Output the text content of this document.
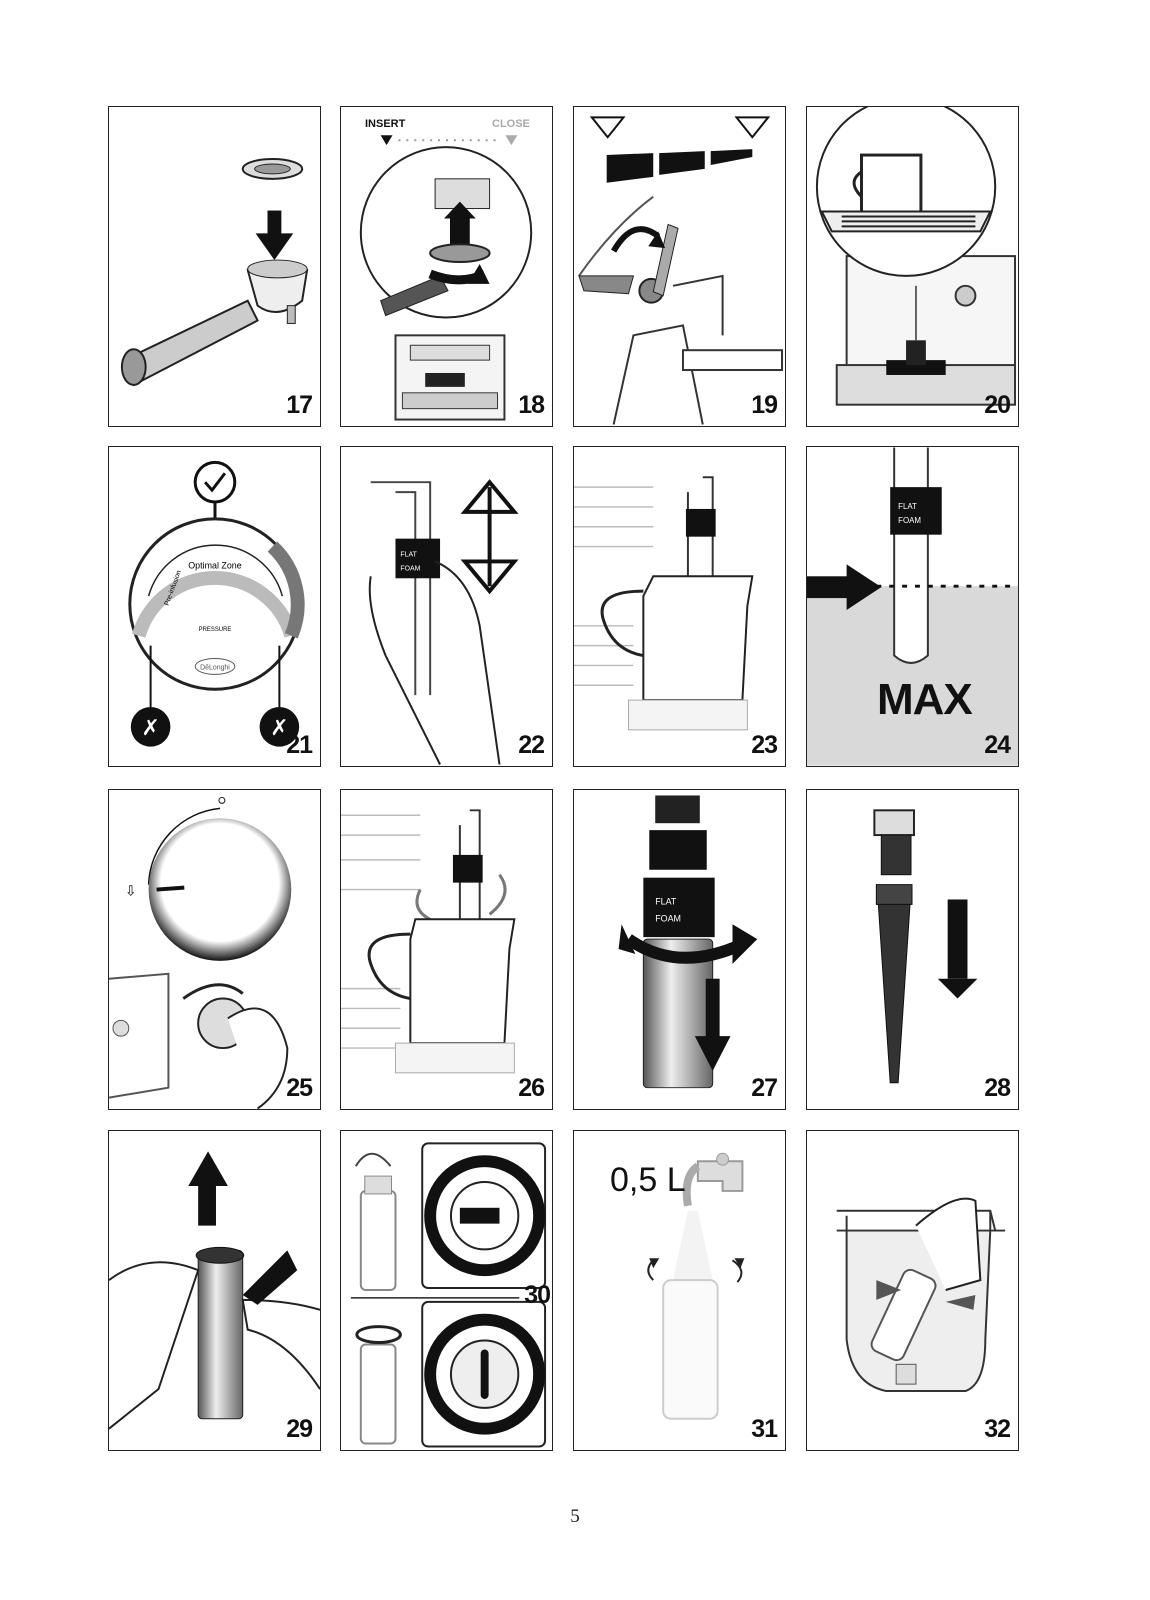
17
INSERT	CLOSE
18	19	20
PRESSURE
Optimal Zone
Pre-infusion
DēLonghi
✗	✗
21
FLAT
FOAM
22	23
FLAT
FOAM
MAX
24
⇩
25	26
FLAT
FOAM
27	28
29
30
0,5 L
31	32
5
